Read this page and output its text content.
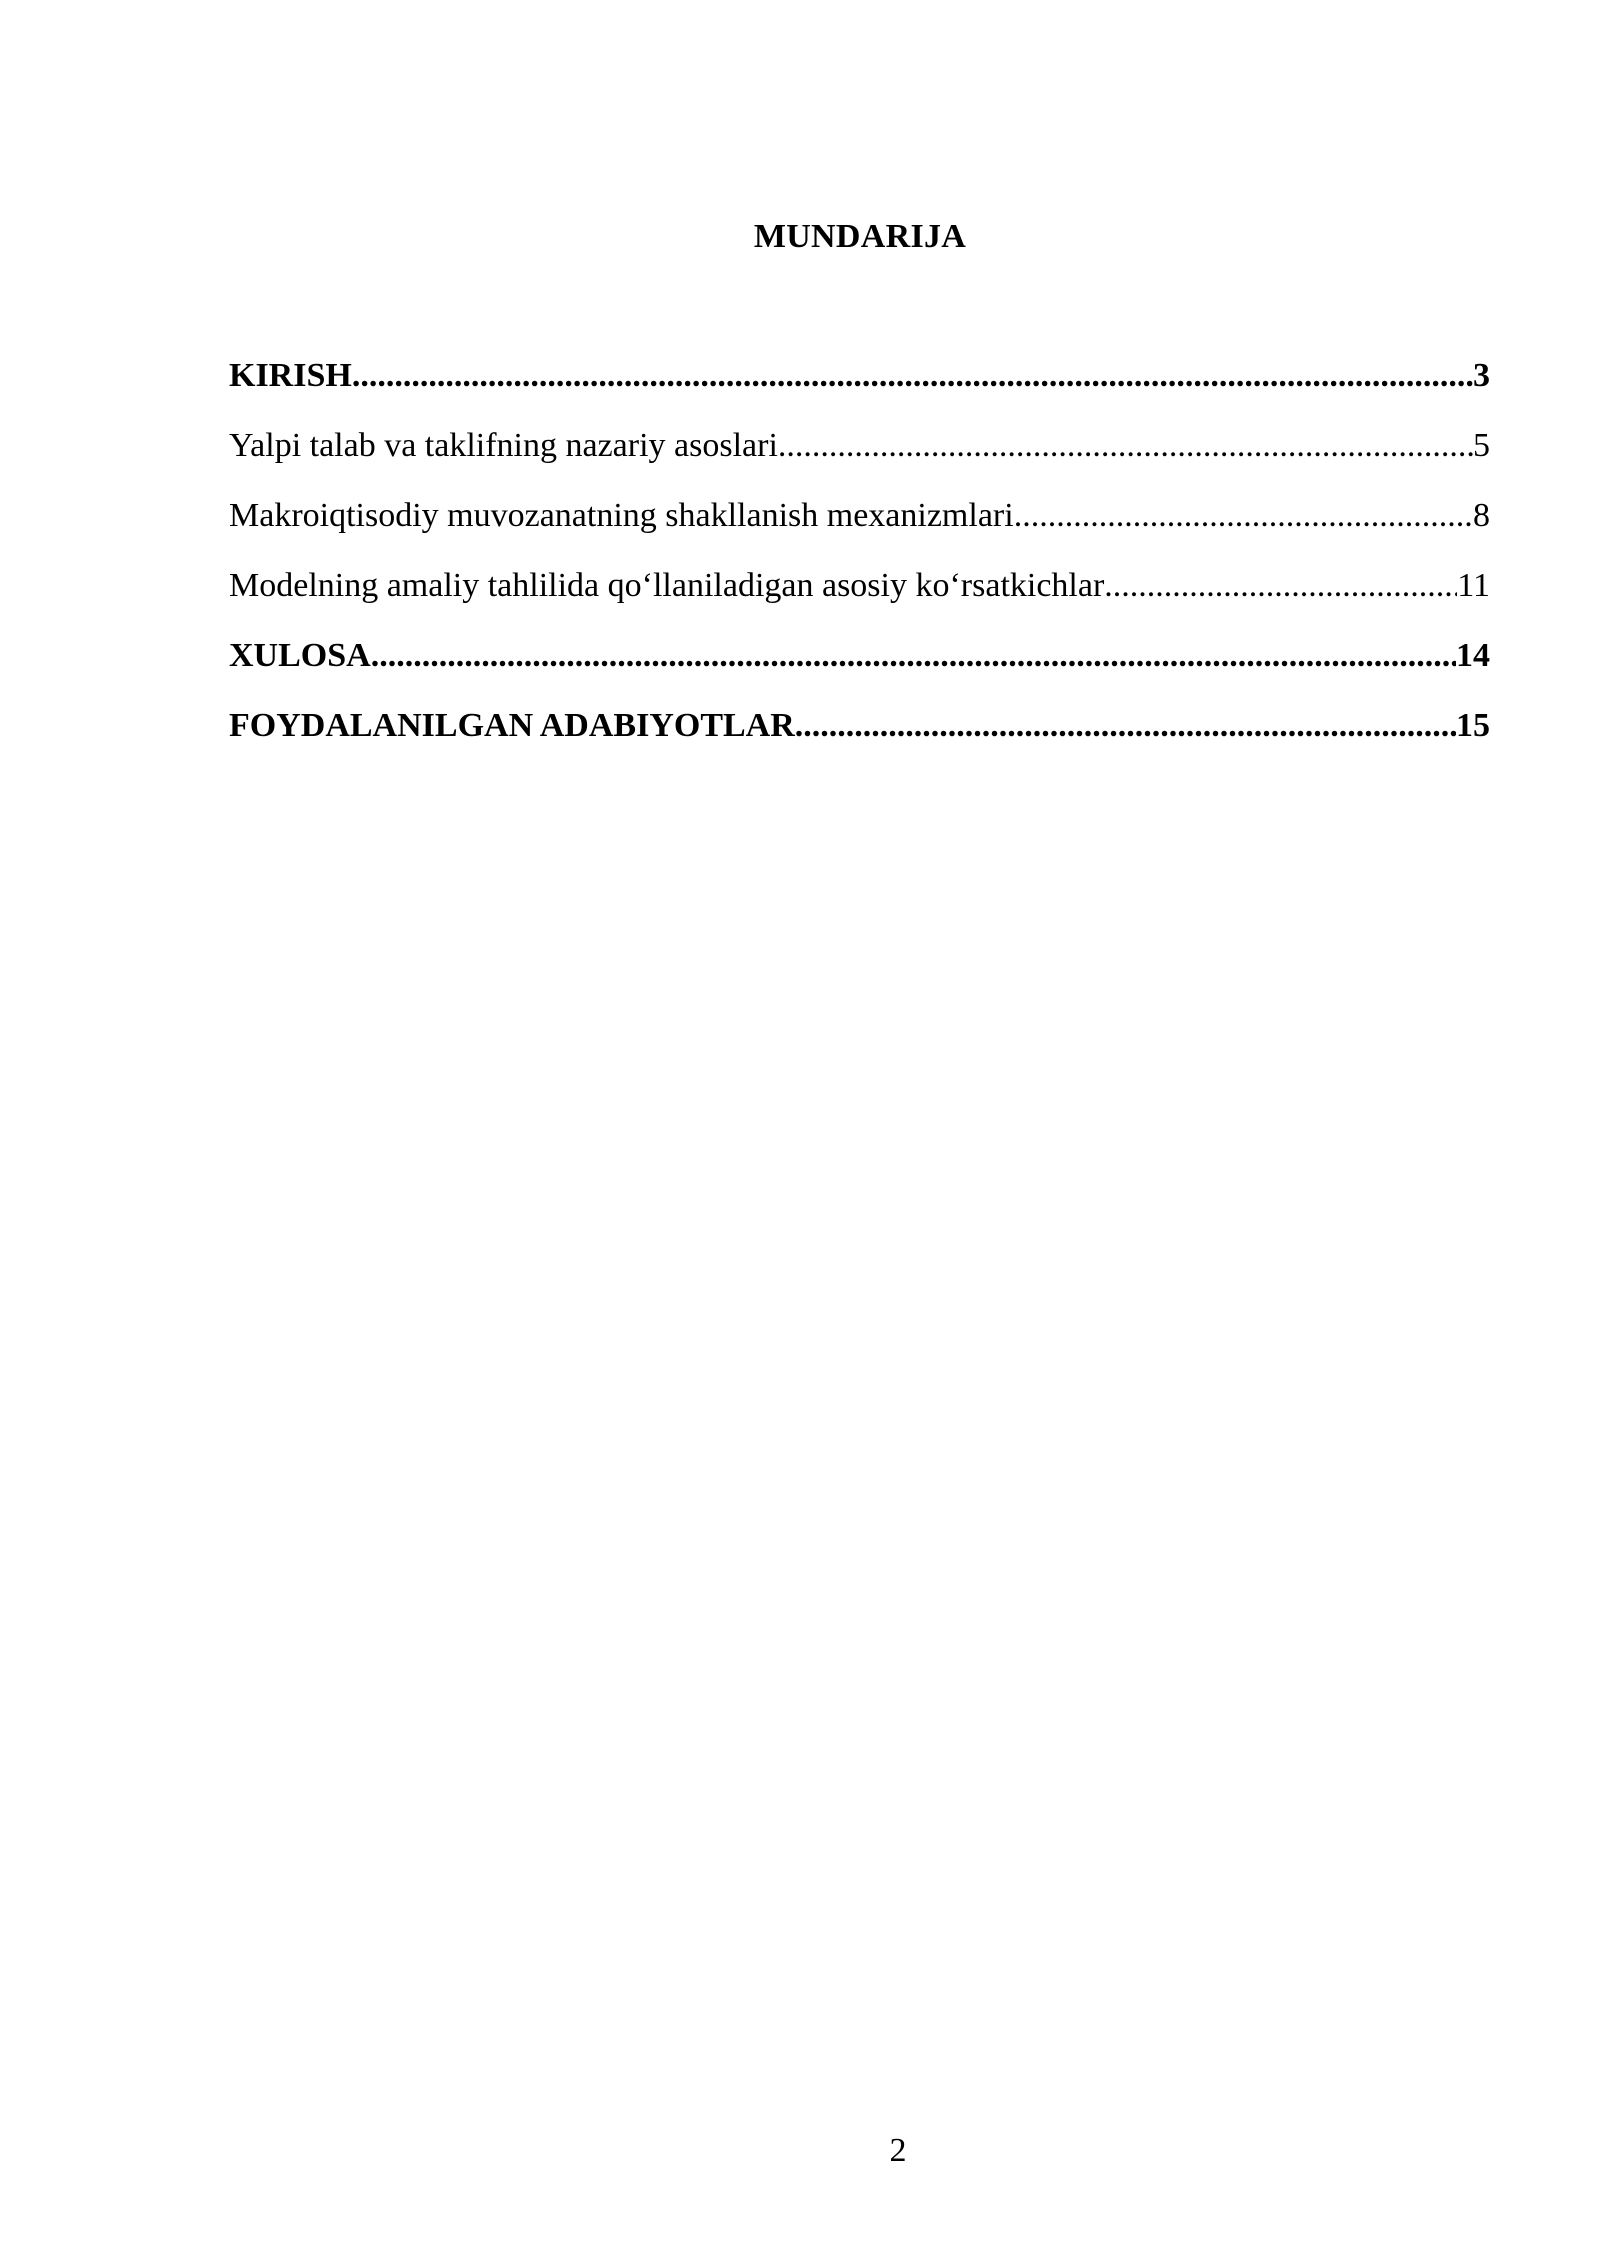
MUNDARIJA
KIRISH .....	3
Yalpi talab va taklifning nazariy asoslari .....	5
Makroiqtisodiy muvozanatning shakllanish mexanizmlari .....	8
Modelning amaliy tahlilida qo‘llaniladigan asosiy ko‘rsatkichlar .....	11
XULOSA .....	14
FOYDALANILGAN ADABIYOTLAR .....	15
2
